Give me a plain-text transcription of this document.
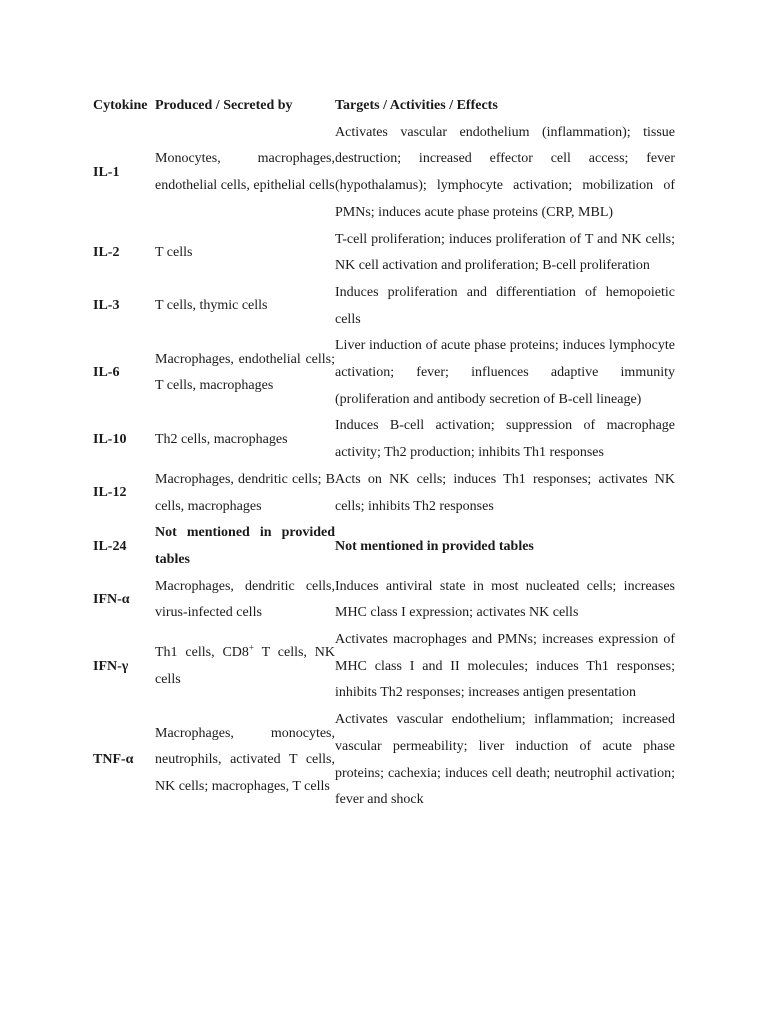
Cytokine	Produced / Secreted by	Targets / Activities / Effects
IL-1	Monocytes, macrophages, endothelial cells, epithelial cells	Activates vascular endothelium (inflammation); tissue destruction; increased effector cell access; fever (hypothalamus); lymphocyte activation; mobilization of PMNs; induces acute phase proteins (CRP, MBL)
IL-2	T cells	T-cell proliferation; induces proliferation of T and NK cells; NK cell activation and proliferation; B-cell proliferation
IL-3	T cells, thymic cells	Induces proliferation and differentiation of hemopoietic cells
IL-6	Macrophages, endothelial cells; T cells, macrophages	Liver induction of acute phase proteins; induces lymphocyte activation; fever; influences adaptive immunity (proliferation and antibody secretion of B-cell lineage)
IL-10	Th2 cells, macrophages	Induces B-cell activation; suppression of macrophage activity; Th2 production; inhibits Th1 responses
IL-12	Macrophages, dendritic cells; B cells, macrophages	Acts on NK cells; induces Th1 responses; activates NK cells; inhibits Th2 responses
IL-24	Not mentioned in provided tables	Not mentioned in provided tables
IFN-α	Macrophages, dendritic cells, virus-infected cells	Induces antiviral state in most nucleated cells; increases MHC class I expression; activates NK cells
IFN-γ	Th1 cells, CD8+ T cells, NK cells	Activates macrophages and PMNs; increases expression of MHC class I and II molecules; induces Th1 responses; inhibits Th2 responses; increases antigen presentation
TNF-α	Macrophages, monocytes, neutrophils, activated T cells, NK cells; macrophages, T cells	Activates vascular endothelium; inflammation; increased vascular permeability; liver induction of acute phase proteins; cachexia; induces cell death; neutrophil activation; fever and shock
